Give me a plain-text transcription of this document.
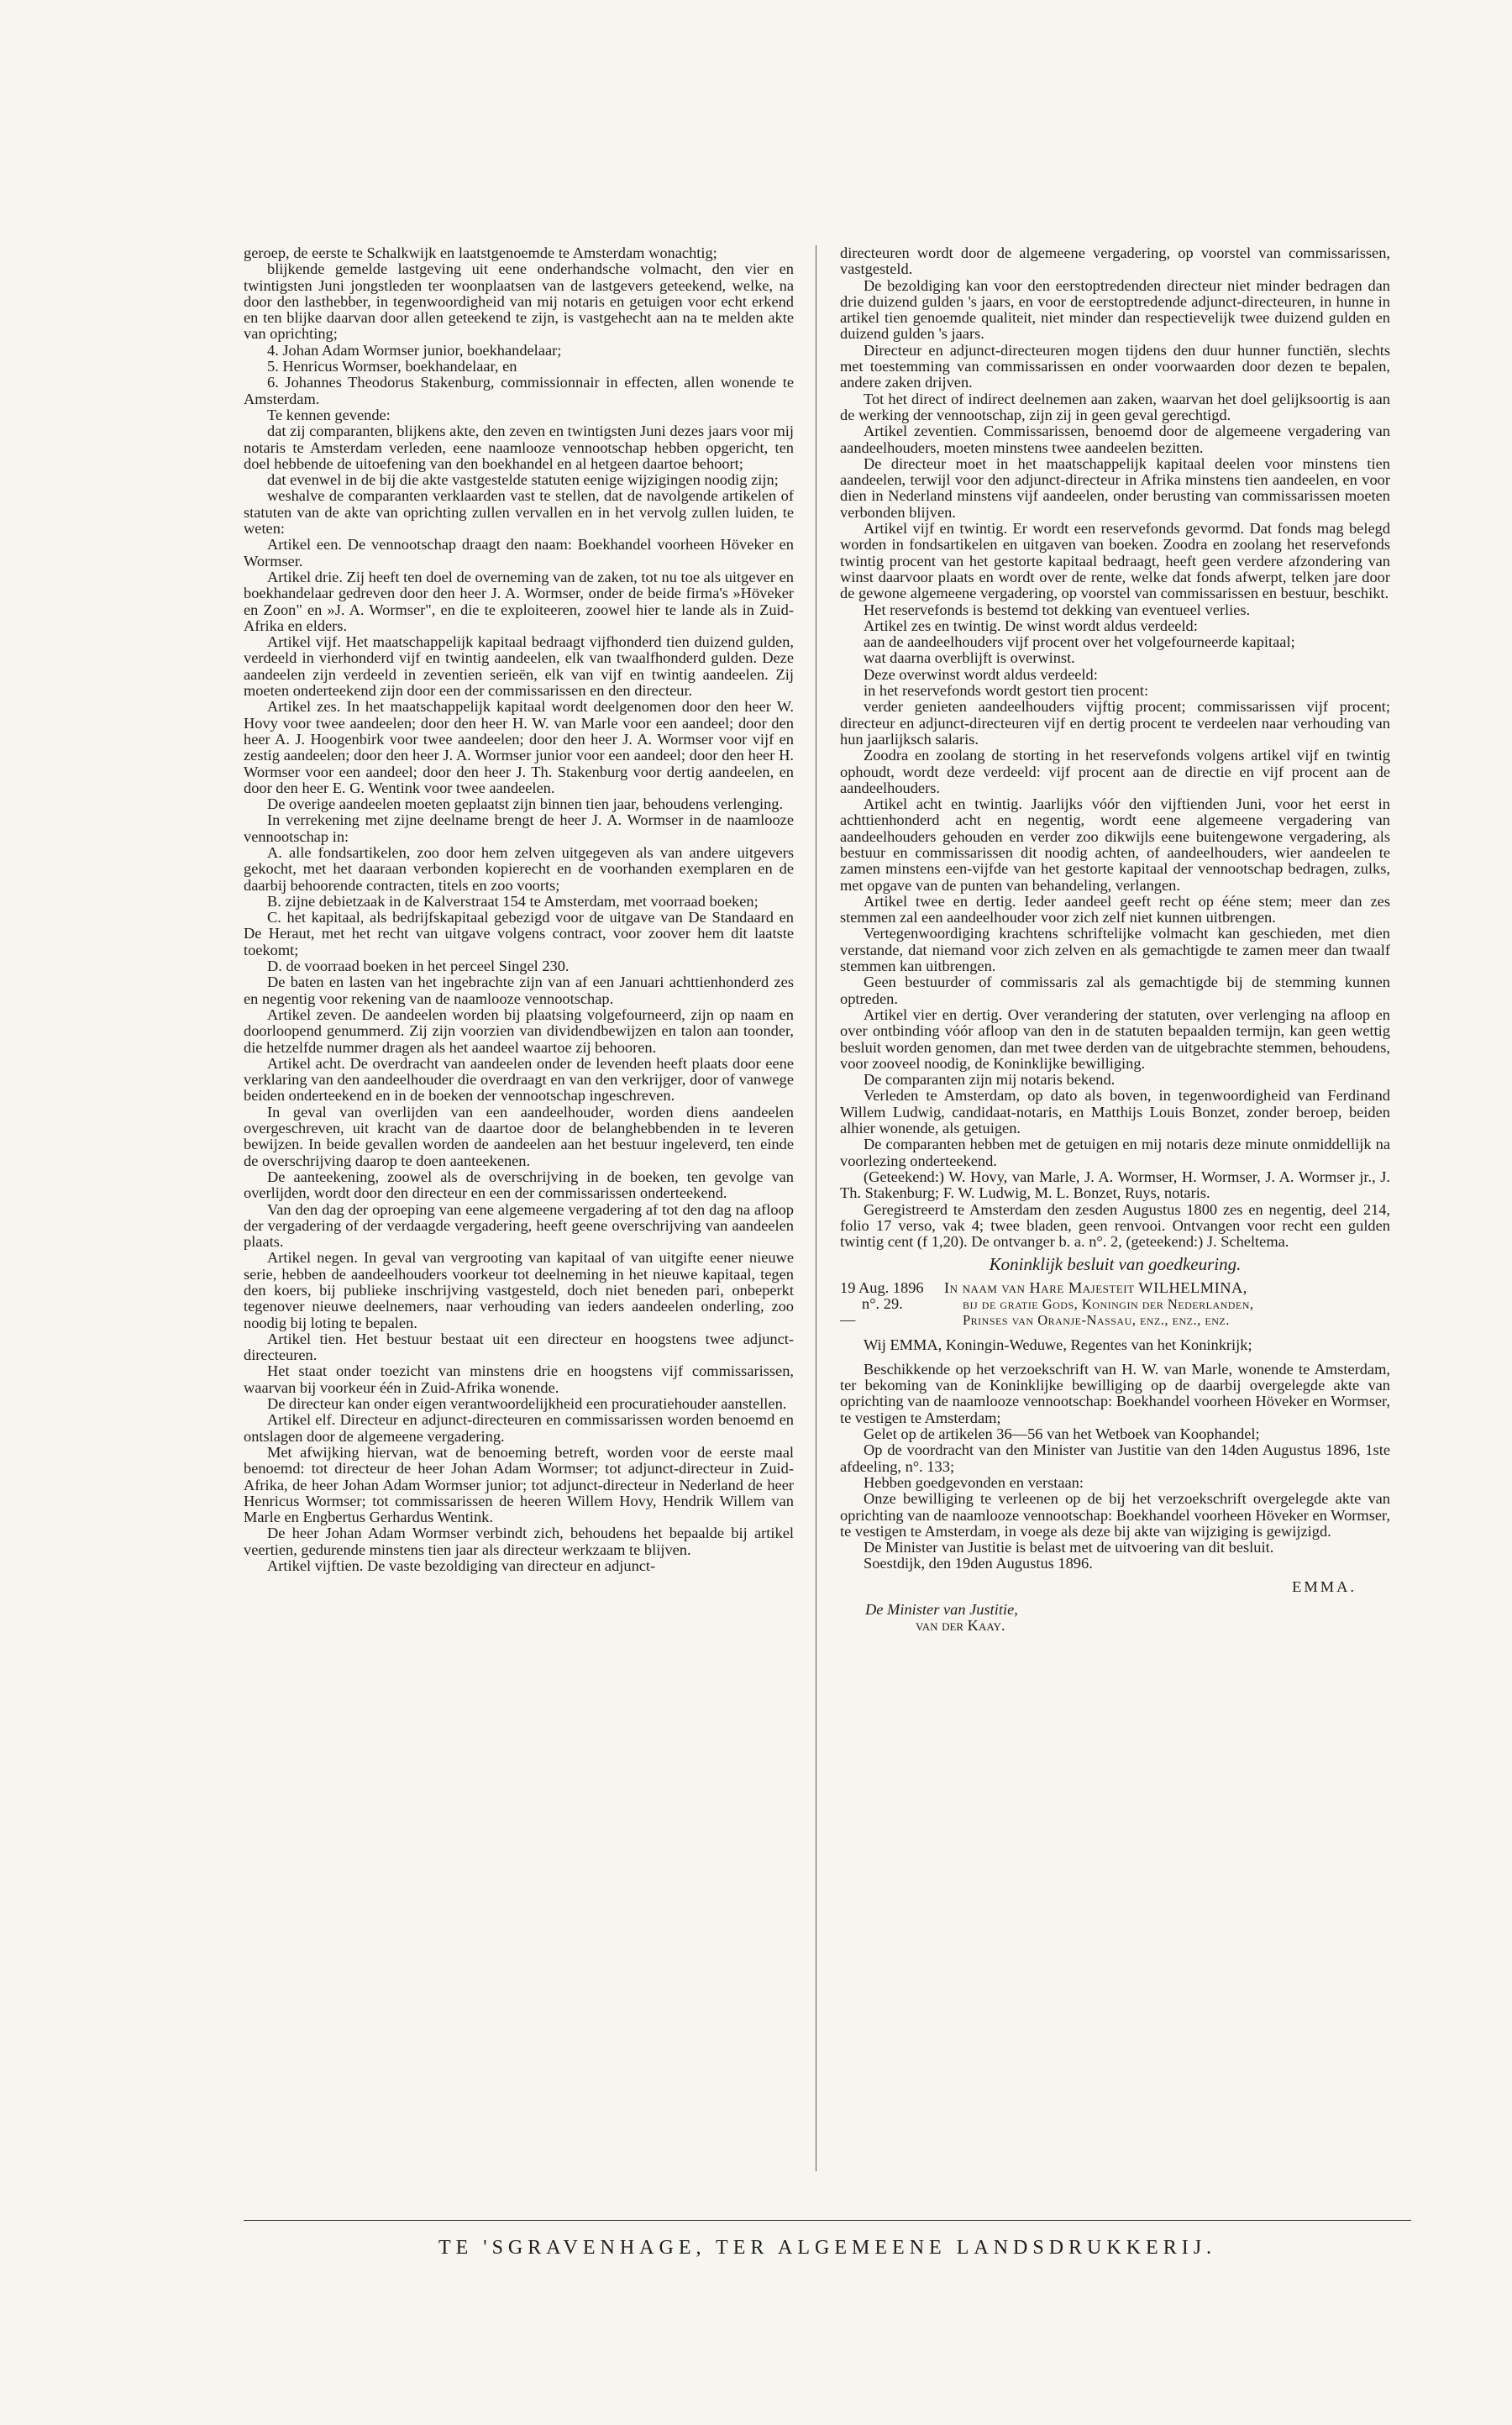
geroep, de eerste te Schalkwijk en laatstgenoemde te Amsterdam wonachtig;

blijkende gemelde lastgeving uit eene onderhandsche volmacht, den vier en twintigsten Juni jongstleden ter woonplaatsen van de lastgevers geteekend, welke, na door den lasthebber, in tegenwoordigheid van mij notaris en getuigen voor echt erkend en ten blijke daarvan door allen geteekend te zijn, is vastgehecht aan na te melden akte van oprichting;

4. Johan Adam Wormser junior, boekhandelaar;

5. Henricus Wormser, boekhandelaar, en

6. Johannes Theodorus Stakenburg, commissionnair in effecten, allen wonende te Amsterdam.

Te kennen gevende:

dat zij comparanten, blijkens akte, den zeven en twintigsten Juni dezes jaars voor mij notaris te Amsterdam verleden, eene naamlooze vennootschap hebben opgericht, ten doel hebbende de uitoefening van den boekhandel en al hetgeen daartoe behoort;

dat evenwel in de bij die akte vastgestelde statuten eenige wijzigingen noodig zijn;

weshalve de comparanten verklaarden vast te stellen, dat de navolgende artikelen of statuten van de akte van oprichting zullen vervallen en in het vervolg zullen luiden, te weten:

Artikel een. De vennootschap draagt den naam: Boekhandel voorheen Höveker en Wormser.

Artikel drie. Zij heeft ten doel de overneming van de zaken, tot nu toe als uitgever en boekhandelaar gedreven door den heer J. A. Wormser, onder de beide firma's »Höveker en Zoon" en »J. A. Wormser", en die te exploiteeren, zoowel hier te lande als in Zuid-Afrika en elders.

Artikel vijf. Het maatschappelijk kapitaal bedraagt vijfhonderd tien duizend gulden, verdeeld in vierhonderd vijf en twintig aandeelen, elk van twaalfhonderd gulden. Deze aandeelen zijn verdeeld in zeventien serieën, elk van vijf en twintig aandeelen. Zij moeten onderteekend zijn door een der commissarissen en den directeur.

Artikel zes. In het maatschappelijk kapitaal wordt deelgenomen door den heer W. Hovy voor twee aandeelen; door den heer H. W. van Marle voor een aandeel; door den heer A. J. Hoogenbirk voor twee aandeelen; door den heer J. A. Wormser voor vijf en zestig aandeelen; door den heer J. A. Wormser junior voor een aandeel; door den heer H. Wormser voor een aandeel; door den heer J. Th. Stakenburg voor dertig aandeelen, en door den heer E. G. Wentink voor twee aandeelen.

De overige aandeelen moeten geplaatst zijn binnen tien jaar, behoudens verlenging.

In verrekening met zijne deelname brengt de heer J. A. Wormser in de naamlooze vennootschap in:

A. alle fondsartikelen, zoo door hem zelven uitgegeven als van andere uitgevers gekocht, met het daaraan verbonden kopierecht en de voorhanden exemplaren en de daarbij behoorende contracten, titels en zoo voorts;

B. zijne debietzaak in de Kalverstraat 154 te Amsterdam, met voorraad boeken;

C. het kapitaal, als bedrijfskapitaal gebezigd voor de uitgave van De Standaard en De Heraut, met het recht van uitgave volgens contract, voor zoover hem dit laatste toekomt;

D. de voorraad boeken in het perceel Singel 230.

De baten en lasten van het ingebrachte zijn van af een Januari achttienhonderd zes en negentig voor rekening van de naamlooze vennootschap.

Artikel zeven. De aandeelen worden bij plaatsing volgefourneerd, zijn op naam en doorloopend genummerd. Zij zijn voorzien van dividendbewijzen en talon aan toonder, die hetzelfde nummer dragen als het aandeel waartoe zij behooren.

Artikel acht. De overdracht van aandeelen onder de levenden heeft plaats door eene verklaring van den aandeelhouder die overdraagt en van den verkrijger, door of vanwege beiden onderteekend en in de boeken der vennootschap ingeschreven.

In geval van overlijden van een aandeelhouder, worden diens aandeelen overgeschreven, uit kracht van de daartoe door de belanghebbenden in te leveren bewijzen. In beide gevallen worden de aandeelen aan het bestuur ingeleverd, ten einde de overschrijving daarop te doen aanteekenen.

De aanteekening, zoowel als de overschrijving in de boeken, ten gevolge van overlijden, wordt door den directeur en een der commissarissen onderteekend.

Van den dag der oproeping van eene algemeene vergadering af tot den dag na afloop der vergadering of der verdaagde vergadering, heeft geene overschrijving van aandeelen plaats.

Artikel negen. In geval van vergrooting van kapitaal of van uitgifte eener nieuwe serie, hebben de aandeelhouders voorkeur tot deelneming in het nieuwe kapitaal, tegen den koers, bij publieke inschrijving vastgesteld, doch niet beneden pari, onbeperkt tegenover nieuwe deelnemers, naar verhouding van ieders aandeelen onderling, zoo noodig bij loting te bepalen.

Artikel tien. Het bestuur bestaat uit een directeur en hoogstens twee adjunct-directeuren.

Het staat onder toezicht van minstens drie en hoogstens vijf commissarissen, waarvan bij voorkeur één in Zuid-Afrika wonende.

De directeur kan onder eigen verantwoordelijkheid een procuratiehouder aanstellen.

Artikel elf. Directeur en adjunct-directeuren en commissarissen worden benoemd en ontslagen door de algemeene vergadering.

Met afwijking hiervan, wat de benoeming betreft, worden voor de eerste maal benoemd: tot directeur de heer Johan Adam Wormser; tot adjunct-directeur in Zuid-Afrika, de heer Johan Adam Wormser junior; tot adjunct-directeur in Nederland de heer Henricus Wormser; tot commissarissen de heeren Willem Hovy, Hendrik Willem van Marle en Engbertus Gerhardus Wentink.

De heer Johan Adam Wormser verbindt zich, behoudens het bepaalde bij artikel veertien, gedurende minstens tien jaar als directeur werkzaam te blijven.

Artikel vijftien. De vaste bezoldiging van directeur en adjunct-

directeuren wordt door de algemeene vergadering, op voorstel van commissarissen, vastgesteld.

De bezoldiging kan voor den eerstoptredenden directeur niet minder bedragen dan drie duizend gulden 's jaars, en voor de eerstoptredende adjunct-directeuren, in hunne in artikel tien genoemde qualiteit, niet minder dan respectievelijk twee duizend gulden en duizend gulden 's jaars.

Directeur en adjunct-directeuren mogen tijdens den duur hunner functiën, slechts met toestemming van commissarissen en onder voorwaarden door dezen te bepalen, andere zaken drijven.

Tot het direct of indirect deelnemen aan zaken, waarvan het doel gelijksoortig is aan de werking der vennootschap, zijn zij in geen geval gerechtigd.

Artikel zeventien. Commissarissen, benoemd door de algemeene vergadering van aandeelhouders, moeten minstens twee aandeelen bezitten.

De directeur moet in het maatschappelijk kapitaal deelen voor minstens tien aandeelen, terwijl voor den adjunct-directeur in Afrika minstens tien aandeelen, en voor dien in Nederland minstens vijf aandeelen, onder berusting van commissarissen moeten verbonden blijven.

Artikel vijf en twintig. Er wordt een reservefonds gevormd. Dat fonds mag belegd worden in fondsartikelen en uitgaven van boeken. Zoodra en zoolang het reservefonds twintig procent van het gestorte kapitaal bedraagt, heeft geen verdere afzondering van winst daarvoor plaats en wordt over de rente, welke dat fonds afwerpt, telken jare door de gewone algemeene vergadering, op voorstel van commissarissen en bestuur, beschikt.

Het reservefonds is bestemd tot dekking van eventueel verlies.

Artikel zes en twintig. De winst wordt aldus verdeeld:

aan de aandeelhouders vijf procent over het volgefourneerde kapitaal;

wat daarna overblijft is overwinst.

Deze overwinst wordt aldus verdeeld:

in het reservefonds wordt gestort tien procent:

verder genieten aandeelhouders vijftig procent; commissarissen vijf procent; directeur en adjunct-directeuren vijf en dertig procent te verdeelen naar verhouding van hun jaarlijksch salaris.

Zoodra en zoolang de storting in het reservefonds volgens artikel vijf en twintig ophoudt, wordt deze verdeeld: vijf procent aan de directie en vijf procent aan de aandeelhouders.

Artikel acht en twintig. Jaarlijks vóór den vijftienden Juni, voor het eerst in achttienhonderd acht en negentig, wordt eene algemeene vergadering van aandeelhouders gehouden en verder zoo dikwijls eene buitengewone vergadering, als bestuur en commissarissen dit noodig achten, of aandeelhouders, wier aandeelen te zamen minstens een-vijfde van het gestorte kapitaal der vennootschap bedragen, zulks, met opgave van de punten van behandeling, verlangen.

Artikel twee en dertig. Ieder aandeel geeft recht op ééne stem; meer dan zes stemmen zal een aandeelhouder voor zich zelf niet kunnen uitbrengen.

Vertegenwoordiging krachtens schriftelijke volmacht kan geschieden, met dien verstande, dat niemand voor zich zelven en als gemachtigde te zamen meer dan twaalf stemmen kan uitbrengen.

Geen bestuurder of commissaris zal als gemachtigde bij de stemming kunnen optreden.

Artikel vier en dertig. Over verandering der statuten, over verlenging na afloop en over ontbinding vóór afloop van den in de statuten bepaalden termijn, kan geen wettig besluit worden genomen, dan met twee derden van de uitgebrachte stemmen, behoudens, voor zooveel noodig, de Koninklijke bewilliging.

De comparanten zijn mij notaris bekend.

Verleden te Amsterdam, op dato als boven, in tegenwoordigheid van Ferdinand Willem Ludwig, candidaat-notaris, en Matthijs Louis Bonzet, zonder beroep, beiden alhier wonende, als getuigen.

De comparanten hebben met de getuigen en mij notaris deze minute onmiddellijk na voorlezing onderteekend.

(Geteekend:) W. Hovy, van Marle, J. A. Wormser, H. Wormser, J. A. Wormser jr., J. Th. Stakenburg; F. W. Ludwig, M. L. Bonzet, Ruys, notaris.

Geregistreerd te Amsterdam den zesden Augustus 1800 zes en negentig, deel 214, folio 17 verso, vak 4; twee bladen, geen renvooi. Ontvangen voor recht een gulden twintig cent (f 1,20). De ontvanger b. a. n°. 2, (geteekend:) J. Scheltema.

Koninklijk besluit van goedkeuring.

19 Aug. 1896
n°. 29.
—
In naam van Hare Majesteit WILHELMINA,
bij de gratie Gods, Koningin der Nederlanden,
Prinses van Oranje-Nassau, enz., enz., enz.

Wij EMMA, Koningin-Weduwe, Regentes van het Koninkrijk;

Beschikkende op het verzoekschrift van H. W. van Marle, wonende te Amsterdam, ter bekoming van de Koninklijke bewilliging op de daarbij overgelegde akte van oprichting van de naamlooze vennootschap: Boekhandel voorheen Höveker en Wormser, te vestigen te Amsterdam;

Gelet op de artikelen 36—56 van het Wetboek van Koophandel;

Op de voordracht van den Minister van Justitie van den 14den Augustus 1896, 1ste afdeeling, n°. 133;

Hebben goedgevonden en verstaan:

Onze bewilliging te verleenen op de bij het verzoekschrift overgelegde akte van oprichting van de naamlooze vennootschap: Boekhandel voorheen Höveker en Wormser, te vestigen te Amsterdam, in voege als deze bij akte van wijziging is gewijzigd.

De Minister van Justitie is belast met de uitvoering van dit besluit.

Soestdijk, den 19den Augustus 1896.

EMMA.

De Minister van Justitie,

van der Kaay.

TE 'SGRAVENHAGE, TER ALGEMEENE LANDSDRUKKERIJ.
